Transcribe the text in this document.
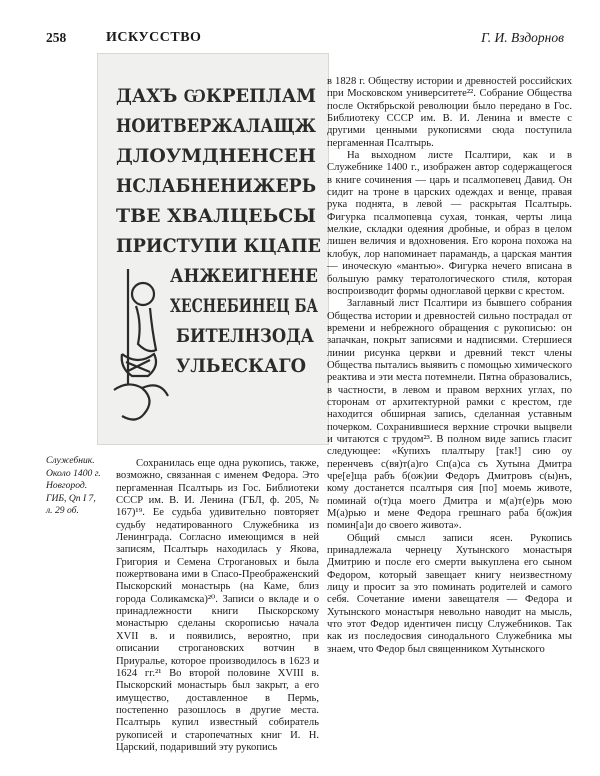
258	ИСКУССТВО	Г. И. Вздорнов
ДАХЪ ѠКРЕПЛАМ
НОИТВЕРЖАЛАЩЖ
ДЛОУМДНЕНСЕН
НСЛАБНЕНИЖЕРЬ
ТВЕ ХВАЛЦЕЬСЫ
ПРИСТУПИ КЦАПЕ
АНЖЕИГНЕНЕ
ХЕСНЕБИНЕЦ БА
БИТЕЛНЗОДА
УЛЬЕСКАГО
Служебник.
Около 1400 г.
Новгород.
ГИБ, Qп I 7,
л. 29 об.

в 1828 г. Обществу истории и древностей российских при Московском университете²². Собрание Общества после Октябрьской революции было передано в Гос. Библиотеку СССР им. В. И. Ленина и вместе с другими ценными рукописями сюда поступила пергаменная Псалтырь.

На выходном листе Псалтири, как и в Служебнике 1400 г., изображен автор содержащегося в книге сочинения — царь и псалмопевец Давид. Он сидит на троне в царских одеждах и венце, правая рука поднята, в левой — раскрытая Псалтырь. Фигурка псалмопевца сухая, тонкая, черты лица мелкие, складки одеяния дробные, и образ в целом лишен величия и вдохновения. Его корона похожа на клобук, лор напоминает парамандь, а царская мантия — иноческую «мантью». Фигурка нечего вписана в большую рамку тератологического стиля, которая воспроизводит формы одноглавой церкви с крестом.

Заглавный лист Псалтири из бывшего собрания Общества истории и древностей сильно пострадал от времени и небрежного обращения с рукописью: он запачкан, покрыт записями и надписями. Стершиеся линии рисунка церкви и древний текст члены Общества пытались выявить с помощью химического реактива и эти места потемнели. Пятна образовались, в частности, в левом и правом верхних углах, по сторонам от архитектурной рамки с крестом, где находится обширная запись, сделанная уставным почерком. Сохранившиеся верхние строчки выцвели и читаются с трудом²³. В полном виде запись гласит следующее: «Купихъ плалтыру [так!] сию оу перенчевъ с(вя)т(а)го Сп(а)са съ Хутына Дмитра чре[е]ща рабъ б(ож)ии Федоръ Дмитровъ с(ы)нъ, кому достанется псалтыря сия [по] моемь животе, поминай о(т)ца моего Дмитра и м(а)т(е)рь мою М(а)рью и мене Федора грешнаго раба б(ож)ия помин[а]и до своего живота».

Общий смысл записи ясен. Рукопись принадлежала чернецу Хутынского монастыря Дмитрию и после его смерти выкуплена его сыном Федором, который завещает книгу неизвестному лицу и просит за это поминать родителей и самого себя. Сочетание имени завещателя — Федора и Хутынского монастыря невольно наводит на мысль, что этот Федор идентичен писцу Служебников. Так как из последосвия синодального Служебника мы знаем, что Федор был священником Хутынского

Сохранилась еще одна рукопись, также, возможно, связанная с именем Федора. Это пергаменная Псалтырь из Гос. Библиотеки СССР им. В. И. Ленина (ГБЛ, ф. 205, № 167)¹⁹. Ее судьба удивительно повторяет судьбу недатированного Служебника из Ленинграда. Согласно имеющимся в ней записям, Псалтырь находилась у Якова, Григория и Семена Строгановых и была пожертвована ими в Спасо-Преображенский Пыскорский монастырь (на Каме, близ города Соликамска)²⁰. Записи о вкладе и о принадлежности книги Пыскорскому монастырю сделаны скорописью начала XVII в. и появились, вероятно, при описании строгановских вотчин в Приуралье, которое производилось в 1623 и 1624 гг.²¹ Во второй половине XVIII в. Пыскорский монастырь был закрыт, а его имущество, доставленное в Пермь, постепенно разошлось в другие места. Псалтырь купил известный собиратель рукописей и старопечатных книг И. Н. Царский, подаривший эту рукопись
